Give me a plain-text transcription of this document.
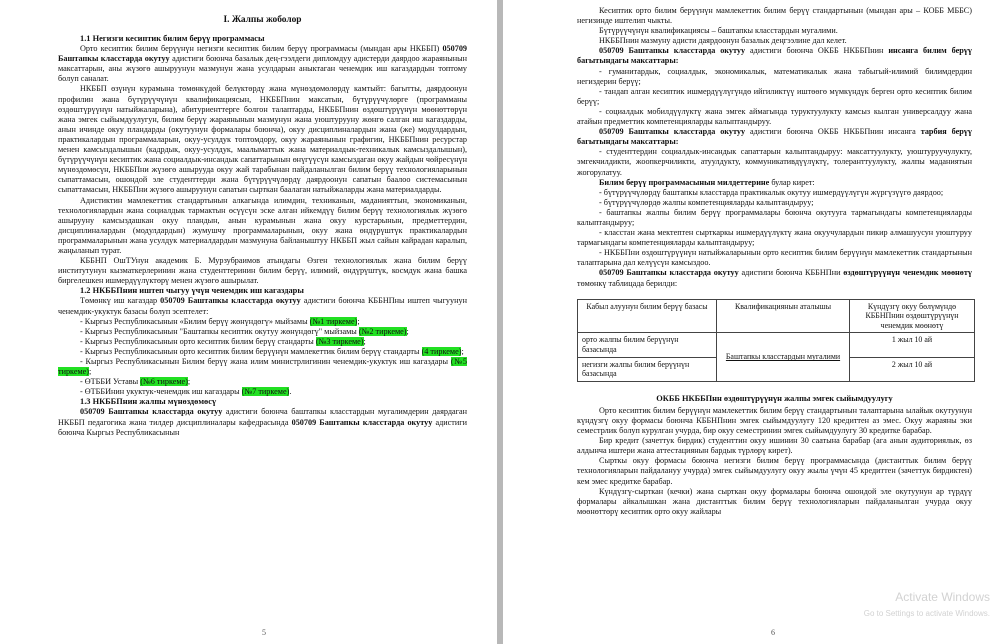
I. Жалпы жоболор

1.1 Негизги кесиптик билим берүү программасы

Орто кесиптик билим берүүнүн негизги кесиптик билим берүү программасы (мындан ары НКББП) 050709 Баштапкы класстарда окутуу адистиги боюнча базалык дең-гээлдеги дипломдуу адистерди даярдоо жараянынын максаттарын, аны жүзөгө ашыруунун мазмунун жана усулдарын аныктаган ченемдик иш кагаздардын топтому болуп саналат.

НКББП өзүнүн курамына төмөнкүдөй белүктөрдү жана мүнөздөмөлөрдү камтыйт: багытты, даярдоонун профилин жана бүтүрүүчүнүн квалификациясын, НКББПнин максатын, бүтүрүүчүлөрге (программаны өздөштүрүүнүн натыйжаларына), абитуриенттерге болгон талаптарды, НКББПнин өздөштүрүүнүн мөөнөттөрүн жана эмгек сыйымдуулугун, билим берүү жараянынын мазмунун жана уюштурууну жөнгө салган иш кагаздарды, анын ичинде окуу пландарды (окутуунун формалары боюнча), окуу дисциплиналардын жана (же) модулдардын, практикалардын программаларын, окуу-усулдук топтомдору, окуу жараянынын графигин, НКББПнин ресурстар менен камсыздалышын (кадрдык, окуу-усулдук, маалыматтык жана материалдык-техникалык камсыздалышын), бүтүрүүчүнүн кесиптик жана социалдык-инсандык сапаттарынын өнүгүүсүн камсыздаган окуу жайдын чөйресүнүн мүнөздөмөсүн, НКББПни жүзөгө ашырууда окуу жай тарабынан пайдаланылган билим берүү технологияларынын сыпаттамасын, ошондой эле студенттерди жана бүтүрүүчүлөрдү даярдоонун сапатын баалоо системасынын сыпаттамасын, НКББПни жүзөгө ашыруунун сапатын сырткан баалаган натыйжаларды жана материалдарды.

Адистиктин мамлекеттик стандартынын алкагында илимдин, техниканын, маданияттын, экономиканын, технологиялардын жана социалдык тармактын өсүүсүн эске алган ийкемдүү билим берүү технологиялык жүзөгө ашырууну камсыздашкан окуу пландын, анын курамынын жана окуу курстарынын, предметтердин, дисциплиналардын (модулдардын) жумушчу программаларынын, окуу жана өндүрүштүк практикалардын программаларынын жана усулдук материалдардын мазмунуна байланыштуу НКББП жыл сайын кайрадан каралып, жаңыланып турат.

КББНП ОшТУнун академик Б. Мурзубраимов атындагы Өзген технологиялык жана билим берүү институтунун кызматкерлеринин жана студенттеринин билим берүү, илимий, өндүрүштүк, космдук жана башка биргелешкен ишмердүүлүктөрү менен жүзөгө ашырылат.

1.2 НКББПнин иштеп чыгуу үчүн ченемдик иш кагаздары

Төмөнкү иш кагаздар 050709 Баштапкы класстарда окутуу адистиги боюнча КББНПны иштеп чыгуунун ченемдик-укуктук базасы болуп эсептелет:

- Кыргыз Республикасынын «Билим берүү жөнүндөгү» мыйзамы (№1 тиркеме);

- Кыргыз Республикасынын "Баштапкы кесиптик окутуу жөнүндөгү" мыйзамы (№2 тиркеме);

- Кыргыз Республикасынын орто кесиптик билим берүү стандарты (№3 тиркеме);

- Кыргыз Республикасынын орто кесиптик билим берүүнүн мамлекеттик билим берүү стандарты (4 тиркеме);

- Кыргыз Республикасынын Билим берүү жана илим министрлигинин ченемдик-укуктук иш кагаздары (№5 тиркеме);

- ӨТББИ Уставы (№6 тиркеме);

- ӨТББИнин укуктук-ченемдик иш кагаздары (№7 тиркеме).

1.3 НКББПнин жалпы мүнөздөмөсү

050709 Баштапкы класстарда окутуу адистиги боюнча баштапкы класстардын мугалимдерин даярдаган НКББП педагогика жана тилдер дисциплиналары кафедрасында 050709 Баштапкы класстарда окутуу адистиги боюнча Кыргыз Республикасынын

5

Кесиптик орто билим берүүнүн мамлекеттик билим берүү стандартынын (мындан ары – КОББ МББС) негизинде иштелип чыкты.

Бүтүрүүчүнүн квалификациясы – баштапкы класстардын мугалими.

НКББПнин мазмуну адисти даярдоонун базалык деңгээлине дал келет.

050709 Баштапкы класстарда окутуу адистиги боюнча ОКББ НКББПнин инсанга билим берүү багытындагы максаттары:

- гуманитардык, социалдык, экономикалык, математикалык жана табыгый-илимий билимдердин негиздерин берүү;

- тандап алган кесиптик ишмердүүлүгүндө ийгиликтүү иштөөгө мүмкүндүк берген орто кесиптик билим берүү;

- социалдык мобилдүүлүктү жана эмгек аймагында туруктуулукту камсыз кылган универсалдуу жана атайын предметтик компетенцияларды калыптандыруу.

050709 Баштапкы класстарда окутуу адистиги боюнча ОКББ НКББПнин инсанга тарбия берүү багытындагы максаттары:

- студенттердин социалдык-инсандык сапаттарын калыптандыруу: максаттуулукту, уюштуруучулукту, эмгекчилдикти, жоопкерчиликти, атуулдукту, коммуникативдүүлүктү, толеранттуулукту, жалпы маданиятын жогорулатуу.

Билим берүү программасынын милдеттерине булар кирет:

- бүтүрүүчүлөрдү баштапкы класстарда практикалык окутуу ишмердүүлүгүн жүргүзүүгө даярдоо;

- бүтүрүүчүлөрдө жалпы компетенцияларды калыптандыруу;

- баштапкы жалпы билим берүү программалары боюнча окутууга тармагындагы компетенцияларды калыптандыруу;

- класстан жана мектептен сырткаркы ишмердүүлүктү жана окуучулардын пикир алмашуусун уюштуруу тармагындагы компетенцияларды калыптандыруу;

- НКББПни өздөштүрүүнүн натыйжаларынын орто кесиптик билим берүүнүн мамлекеттик стандартынын талаптарына дал келүүсүн камсыздоо.

050709 Баштапкы класстарда окутуу адистиги боюнча КББНПни өздөштүрүүнүн ченемдик мөөнөтү төмөнкү таблицада берилди:

Кабыл алуунун билим берүү базасы	Квалификациянын аталышы	Күндүзгү окуу бөлүмүндө КББНПнин өздөштүрүүнүн ченемдик мөөнөтү
орто жалпы билим берүүнүн базасында	Баштапкы класстардын мугалими	1 жыл 10 ай
негизги жалпы билим берүүнүн базасында		2 жыл 10 ай

ОКББ НКББПнн өздөштүрүүнүн жалпы эмгек сыйымдуулугу

Орто кесиптик билим берүүнүн мамлекеттик билим берүү стандартынын талаптарына ылайык окутуунун күндүзгү окуу формасы боюнча КББНПнин эмгек сыйымдуулугу 120 кредиттен аз эмес. Окуу жараяны эки семестрлик болуп курулган учурда, бир окуу семестринин эмгек сыйымдуулугу 30 кредитке барабар.

Бир кредит (зачеттук бирдик) студенттин окуу ишинин 30 саатына барабар (ага анын аудиториялык, өз алдынча иштери жана аттестациянын бардык түрлөрү кирет).

Сырткы окуу формасы боюнча негизги билим берүү программасында (дистанттык билим берүү технологияларын пайдалануу учурда) эмгек сыйымдуулугу окуу жылы үчүн 45 кредиттен (зачеттук бирдиктен) кем эмес кредитке барабар.

Күндүзгү-сырткан (кечки) жана сырткан окуу формалары боюнча ошондой эле окутуунун ар түрдүү формалары айкалышкан жана дистанттык билим берүү технологияларын пайдаланылган учурда окуу мөөнөттөрү кесиптик орто окуу жайлары

6
Activate Windows
Go to Settings to activate Windows.
